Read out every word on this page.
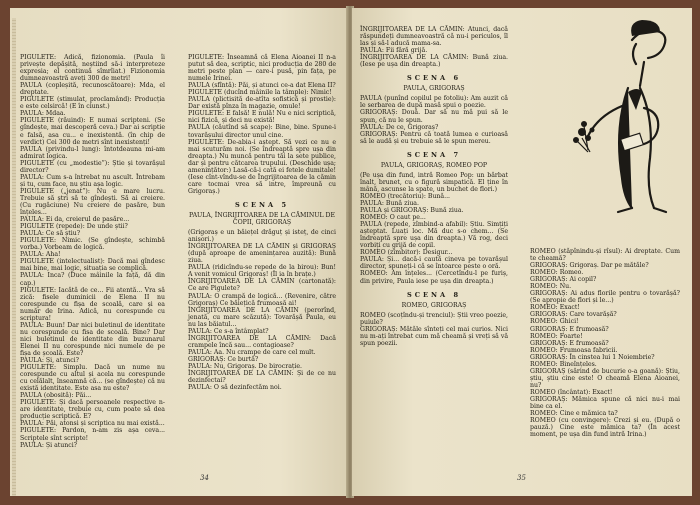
PIGULETE: Adică, fizionomia. (Paula îi privește depășită, neștiind să-i interpreteze expresia; el continuă sîmrîiat.) Fizionomia dumneavoastră aveți 300 de metri!

PAULA (copleșită, recunoscătoare): Mda, el dreptate.

PIGULETE (stimulat, proclamând): Producția e este celsircă! (E în ciunst.)

PAULA: Mdaa.

PIGULETE (răuind): E numai scripteni. (Se gîndește, mai descoperă ceva.) Dar ai scriptie e falsă, asa cu... e inexistentă. (în chip de verdict) Cei 300 de metri sînt inexistenți!

PAULA (privindu-l lung): întotdeauna mi-am admirat logica.

PIGULETE (cu „modestie”): Știe și tovarășul director?

PAULA: Cum s-a întrebat nu ascult. Întrebam și tu, cum face, nu știu așa logic.

PIGULETE („jenat”): Nu e mare lucru. Trebuie să ștri să te gîndești. Să ai creiere. (Cu rugăciune) Nu creiere de pasăre, bun înțeles...

PAULA: Ei da, creierul de pasăre...

PIGULETE (repede): De unde știi?

PAULA: Ce să știu?

PIGULETE: Nimic. (Se gîndește, schimbă vorba.) Vorbeam de logică.

PAULA: Aha!

PIGULETE (intelectualist): Dacă mai gîndesc mai bine, mai logic, situația se complică.

PAULA: Inca? (Duce mâinile la față, dă din cap.)

PIGULETE: Iacătă de ce... Fii atentă... Vra să zică: fisele duminicii de Elena II nu corespunde cu fișa de scoală, care și ea număr de Irina. Adică, nu corespunde cu scriptura!

PAULA: Buun! Dar nici buletinul de identitate nu corespunde cu fisa de scoală. Bine? Dar nici buletinul de identitate din buzunarul Elenei II nu corespunde nici numele de pe fișa de școală. Este?

PAULA: Și, atunci?

PIGULETE: Simplu. Dacă un nume nu corespunde cu altul și acela nu corespunde cu celălalt, înseamnă că... (se gîndește) că nu există identitate. Este asa nu este?

PAULA (obosită): Păi...

PIGULETE: Și dacă persoanele respective n-are identitate, trebuie cu, cum poate să dea producție scriptică. E?

PAULA: Păi, atonsi și scriptica nu mai există...

PIGULETE: Pardon, n-am zis așa ceva... Scriptele sînt scripte!

PAULA: Și atunci?

PIGULETE: Înseamnă că Elena Aioanei II n-a putut să dea, scriptic, nici producția de 280 de metri peste plan — care-i pusă, pin fața, pe numele Irinei.

PAULA (sfîntă): Păi, și atunci ce-a dat Elena II?

PIGULETE (ducînd mâinile la tâmple): Nimic!

PAULA (plictisită de-atîta sofistică și prostie): Dar există pînza în magazie, omule!

PIGULETE: E falsă! E nulă! Nu e nici scriptică, nici fizică, și deci nu există!

PAULA (căutînd să scape): Bine, bine. Spune-i tovarășului director unul cine.

PIGULETE: De-abia-i aștept. Să vezi ce nu e mai scuturăm noi. (Se îndreaptă spre ușa din dreapta.) Nu muncă pentru tăi la sete publice, dar și pentru cătcarea trupului. (Deschide ușa; amenințător:) Lasă-că-i cată ei fetele dumitale! (Iese cînt-vîndu-se de Îngrijitoarea de la cămin care tocmai vrea să intre, împreună cu Grigoraș.)

SCENA 5

PAULA, ÎNGRIJITOAREA DE LA CĂMINUL DE COPII, GRIGORAȘ

(Grigoraș e un băiețel drăguț și isteț, de cinci anișori.)

ÎNGRIJITOAREA DE LA CĂMIN și GRIGORAȘ (după aproape de amenințarea auzită): Bună ziua.

PAULA (ridicîndu-se repede de la birou): Bun! A venit vomicul Grigoraș! (Îl ia în brațe.)

ÎNGRIJITOAREA DE LA CĂMIN (cartonată): Ce are Pigulete?

PAULA: O crampă de logică... (Revenire, către Grigoraș) Ce băiețică frumoasă ai!

ÎNGRIJITOAREA DE LA CĂMIN (perorînd, jenată, cu mare scăzută): Tovarășă Paula, eu nu las băiatul...

PAULA: Ce s-a întâmplat?

ÎNGRIJITOAREA DE LA CĂMIN: Dacă crampele încă sau... contagioase?

PAULA: Aa. Nu crampe de care cel mult.

GRIGORAȘ: Ce burtă?

PAULA: Nu, Grigoraș. De birocrație.

ÎNGRIJITOAREA DE LA CĂMIN: Și de ce nu dezinfectai?

PAULA: O să dezinfectăm noi.

34

ÎNGRIJITOAREA DE LA CĂMIN: Atunci, dacă răspundeți dumneavoastră că nu-i periculos, îl las și să-l aducă mama-sa.

PAULA: Fii fără grijă.

ÎNGRIJITOAREA DE LA CĂMIN: Bună ziua. (Iese pe ușa din dreapta.)

SCENA 6

PAULA, GRIGORAȘ

PAULA (punînd copilul pe fotoliu): Am auzit că le serbarea de după masă spui o poezie.

GRIGORAȘ: Două. Dar să nu mă pui să le spun, că nu le spun.

PAULA: De ce, Grigoraș?

GRIGORAȘ: Pentru că toată lumea e curioasă să le audă și eu trebuie să le spun mereu.

SCENA 7

PAULA, GRIGORAȘ, ROMEO POP

(Pe ușa din fund, intră Romeo Pop: un bărbat înalt, brunet, cu o figură simpatică. El ține în mână, ascunse la spate, un buchet de flori.)

ROMEO (trecătoriu): Bună...

PAULA: Bună ziua.

PAULA și GRIGORAȘ: Bună ziua.

ROMEO: O caut pe...

PAULA (repede, zîmbind-a afabil): Știu. Simțiți așteptat. Luați loc. Mă duc s-o chem... (Se îndreaptă spre ușa din dreapta.) Vă rog, deci vorbiți cu grijă de copil.

ROMEO (zîmbitor): Desigur...

PAULA: Și... dacă-i caută cineva pe tovarășul director, spuneți-i că se întoarce peste o oră.

ROMEO: Am înțeles... (Cercetîndu-l pe furiș, din privire, Paula iese pe ușa din dreapta.)

SCENA 8

ROMEO, GRIGORAȘ

ROMEO (scoțîndu-și trenciul): Știi vreo poezie, puiule?

GRIGORAȘ: Mătăle sînteți cel mai curios. Nici nu m-ați întrebat cum mă cheamă și vreți să vă spun poezii.

ROMEO (stăpînindu-și rîsul): Ai dreptate. Cum te cheamă?

GRIGORAȘ: Grigoraș. Dar pe mătăle?

ROMEO: Romeo.

GRIGORAȘ: Ai copil?

ROMEO: Nu.

GRIGORAȘ: Ai adus florile pentru o tovarășă? (Se apropie de flori și le...)

ROMEO: Exact!

GRIGORAȘ: Care tovarășă?

ROMEO: Ghici!

GRIGORAȘ: E frumoasă?

ROMEO: Foarte!

GRIGORAȘ: E frumoasă?

ROMEO: Frumoasa fabricii.

GRIGORAȘ: În cinstea lui 1 Noiembrie?

ROMEO: Bineînțeles.

GRIGORAȘ (sărind de bucurie o-a goană): Știu, știu, știu cine este! O cheamă Elena Aioanei, nu?

ROMEO (încântat): Exact!

GRIGORAȘ: Mămica spune că nici nu-i mai bine ca el.

ROMEO: Cine e mămica ta?

ROMEO (cu convingere): Crezi și eu. (După o pauză.) Cine este mămica ta? (În acest moment, pe ușa din fund intră Irina.)

35
